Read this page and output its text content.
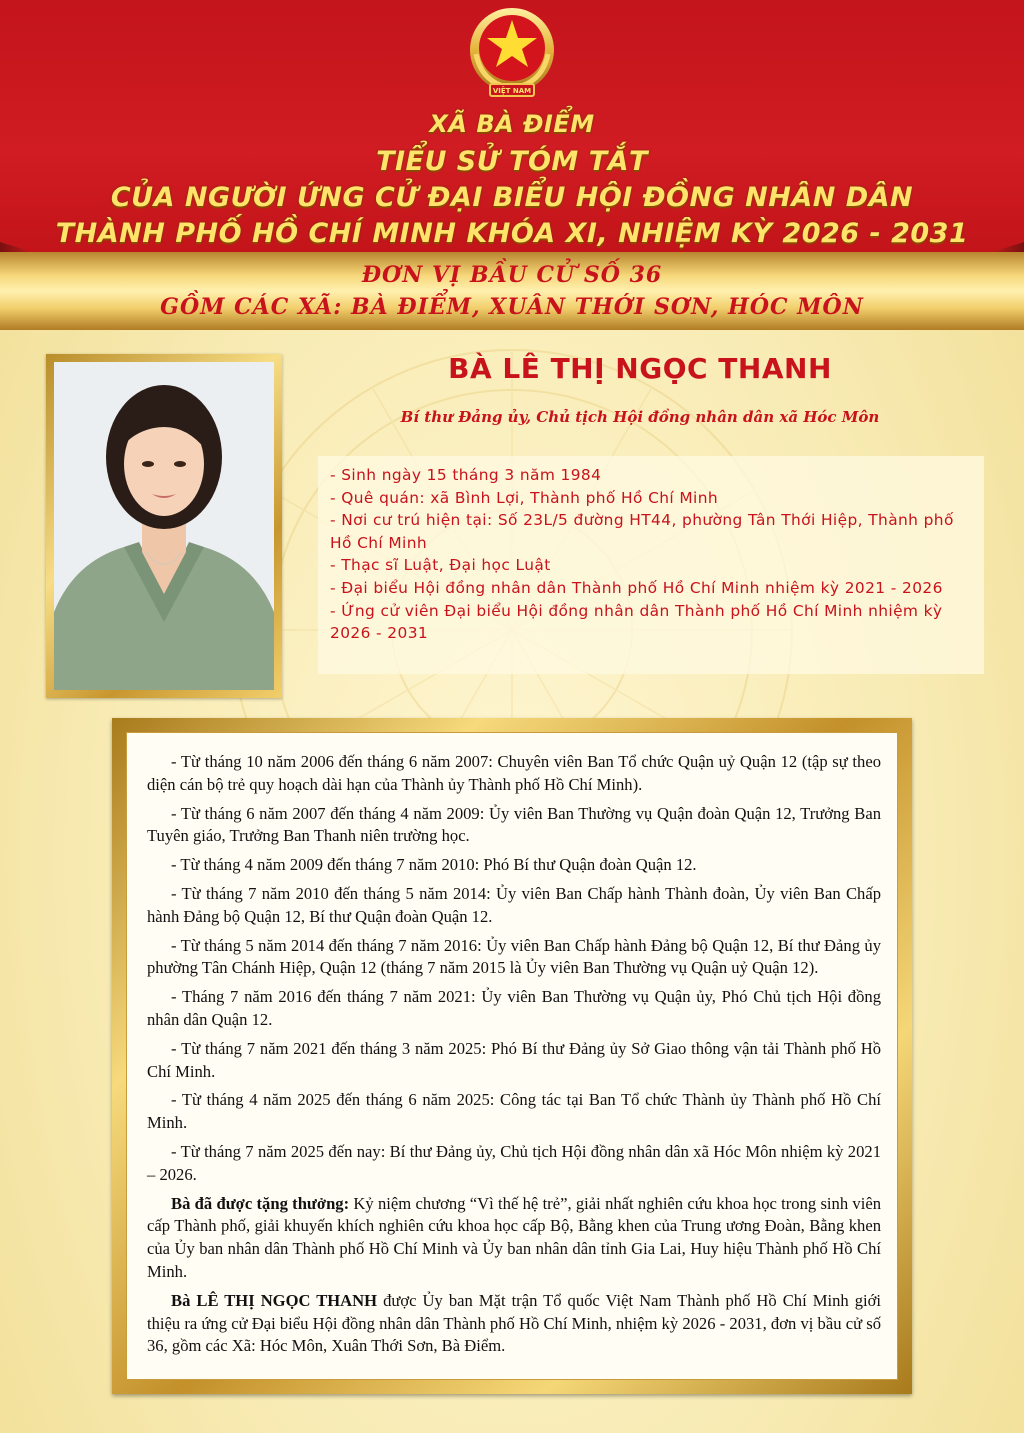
VIỆT NAM
XÃ BÀ ĐIỂM
TIỂU SỬ TÓM TẮT
CỦA NGƯỜI ỨNG CỬ ĐẠI BIỂU HỘI ĐỒNG NHÂN DÂN
THÀNH PHỐ HỒ CHÍ MINH KHÓA XI, NHIỆM KỲ 2026 - 2031
ĐƠN VỊ BẦU CỬ SỐ 36
GỒM CÁC XÃ: BÀ ĐIỂM, XUÂN THỚI SƠN, HÓC MÔN
BÀ LÊ THỊ NGỌC THANH
Bí thư Đảng ủy, Chủ tịch Hội đồng nhân dân xã Hóc Môn
- Sinh ngày 15 tháng 3 năm 1984
- Quê quán: xã Bình Lợi, Thành phố Hồ Chí Minh
- Nơi cư trú hiện tại: Số 23L/5 đường HT44, phường Tân Thới Hiệp, Thành phố Hồ Chí Minh
- Thạc sĩ Luật, Đại học Luật
- Đại biểu Hội đồng nhân dân Thành phố Hồ Chí Minh nhiệm kỳ 2021 - 2026
- Ứng cử viên Đại biểu Hội đồng nhân dân Thành phố Hồ Chí Minh nhiệm kỳ 2026 - 2031

- Từ tháng 10 năm 2006 đến tháng 6 năm 2007: Chuyên viên Ban Tổ chức Quận uỷ Quận 12 (tập sự theo diện cán bộ trẻ quy hoạch dài hạn của Thành ủy Thành phố Hồ Chí Minh).

- Từ tháng 6 năm 2007 đến tháng 4 năm 2009: Ủy viên Ban Thường vụ Quận đoàn Quận 12, Trưởng Ban Tuyên giáo, Trưởng Ban Thanh niên trường học.

- Từ tháng 4 năm 2009 đến tháng 7 năm 2010: Phó Bí thư Quận đoàn Quận 12.

- Từ tháng 7 năm 2010 đến tháng 5 năm 2014: Ủy viên Ban Chấp hành Thành đoàn, Ủy viên Ban Chấp hành Đảng bộ Quận 12, Bí thư Quận đoàn Quận 12.

- Từ tháng 5 năm 2014 đến tháng 7 năm 2016: Ủy viên Ban Chấp hành Đảng bộ Quận 12, Bí thư Đảng ủy phường Tân Chánh Hiệp, Quận 12 (tháng 7 năm 2015 là Ủy viên Ban Thường vụ Quận uỷ Quận 12).

- Tháng 7 năm 2016 đến tháng 7 năm 2021: Ủy viên Ban Thường vụ Quận ủy, Phó Chủ tịch Hội đồng nhân dân Quận 12.

- Từ tháng 7 năm 2021 đến tháng 3 năm 2025: Phó Bí thư Đảng ủy Sở Giao thông vận tải Thành phố Hồ Chí Minh.

- Từ tháng 4 năm 2025 đến tháng 6 năm 2025: Công tác tại Ban Tổ chức Thành ủy Thành phố Hồ Chí Minh.

- Từ tháng 7 năm 2025 đến nay: Bí thư Đảng ủy, Chủ tịch Hội đồng nhân dân xã Hóc Môn nhiệm kỳ 2021 – 2026.

Bà đã được tặng thưởng: Kỷ niệm chương “Vì thế hệ trẻ”, giải nhất nghiên cứu khoa học trong sinh viên cấp Thành phố, giải khuyến khích nghiên cứu khoa học cấp Bộ, Bằng khen của Trung ương Đoàn, Bằng khen của Ủy ban nhân dân Thành phố Hồ Chí Minh và Ủy ban nhân dân tỉnh Gia Lai, Huy hiệu Thành phố Hồ Chí Minh.

Bà LÊ THỊ NGỌC THANH được Ủy ban Mặt trận Tổ quốc Việt Nam Thành phố Hồ Chí Minh giới thiệu ra ứng cử Đại biểu Hội đồng nhân dân Thành phố Hồ Chí Minh, nhiệm kỳ 2026 - 2031, đơn vị bầu cử số 36, gồm các Xã: Hóc Môn, Xuân Thới Sơn, Bà Điểm.
